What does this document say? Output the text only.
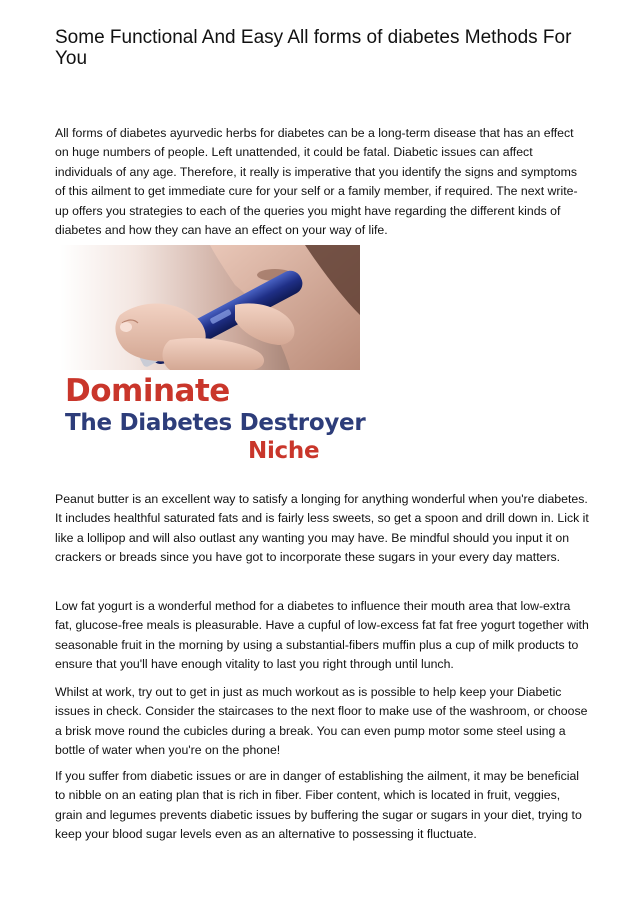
Some Functional And Easy All forms of diabetes Methods For You

All forms of diabetes ayurvedic herbs for diabetes can be a long-term disease that has an effect on huge numbers of people. Left unattended, it could be fatal. Diabetic issues can affect individuals of any age. Therefore, it really is imperative that you identify the signs and symptoms of this ailment to get immediate cure for your self or a family member, if required. The next write-up offers you strategies to each of the queries you might have regarding the different kinds of diabetes and how they can have an effect on your way of life.

Dominate

The Diabetes Destroyer

Niche

Peanut butter is an excellent way to satisfy a longing for anything wonderful when you're diabetes. It includes healthful saturated fats and is fairly less sweets, so get a spoon and drill down in. Lick it like a lollipop and will also outlast any wanting you may have. Be mindful should you input it on crackers or breads since you have got to incorporate these sugars in your every day matters.

Low fat yogurt is a wonderful method for a diabetes to influence their mouth area that low-extra fat, glucose-free meals is pleasurable. Have a cupful of low-excess fat fat free yogurt together with seasonable fruit in the morning by using a substantial-fibers muffin plus a cup of milk products to ensure that you'll have enough vitality to last you right through until lunch.

Whilst at work, try out to get in just as much workout as is possible to help keep your Diabetic issues in check. Consider the staircases to the next floor to make use of the washroom, or choose a brisk move round the cubicles during a break. You can even pump motor some steel using a bottle of water when you're on the phone!

If you suffer from diabetic issues or are in danger of establishing the ailment, it may be beneficial to nibble on an eating plan that is rich in fiber. Fiber content, which is located in fruit, veggies, grain and legumes prevents diabetic issues by buffering the sugar or sugars in your diet, trying to keep your blood sugar levels even as an alternative to possessing it fluctuate.
